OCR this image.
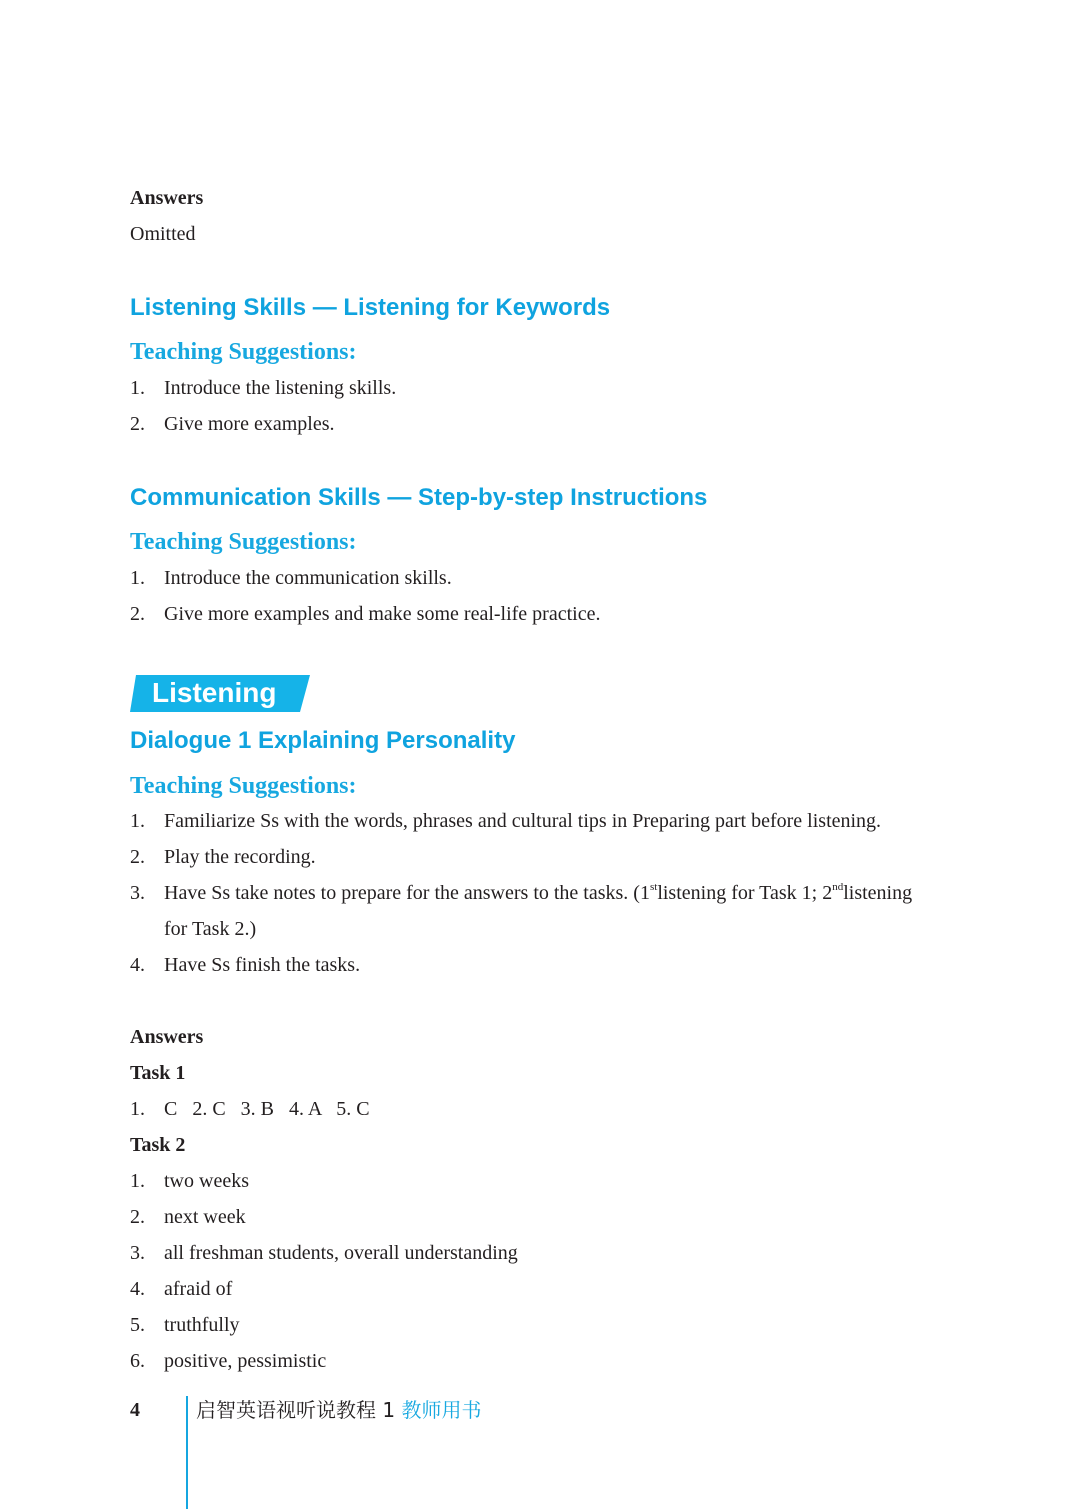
Answers
Omitted
Listening Skills — Listening for Keywords
Teaching Suggestions:
1. Introduce the listening skills.
2. Give more examples.
Communication Skills — Step-by-step Instructions
Teaching Suggestions:
1. Introduce the communication skills.
2. Give more examples and make some real-life practice.
Listening
Dialogue 1 Explaining Personality
Teaching Suggestions:
1. Familiarize Ss with the words, phrases and cultural tips in Preparing part before listening.
2. Play the recording.
3. Have Ss take notes to prepare for the answers to the tasks. (1stlistening for Task 1; 2ndlistening
for Task 2.)
4. Have Ss finish the tasks.
Answers
Task 1
1. C   2. C   3. B   4. A   5. C
Task 2
1. two weeks
2. next week
3. all freshman students, overall understanding
4. afraid of
5. truthfully
6. positive, pessimistic
4	启智英语视听说教程 1 教师用书
